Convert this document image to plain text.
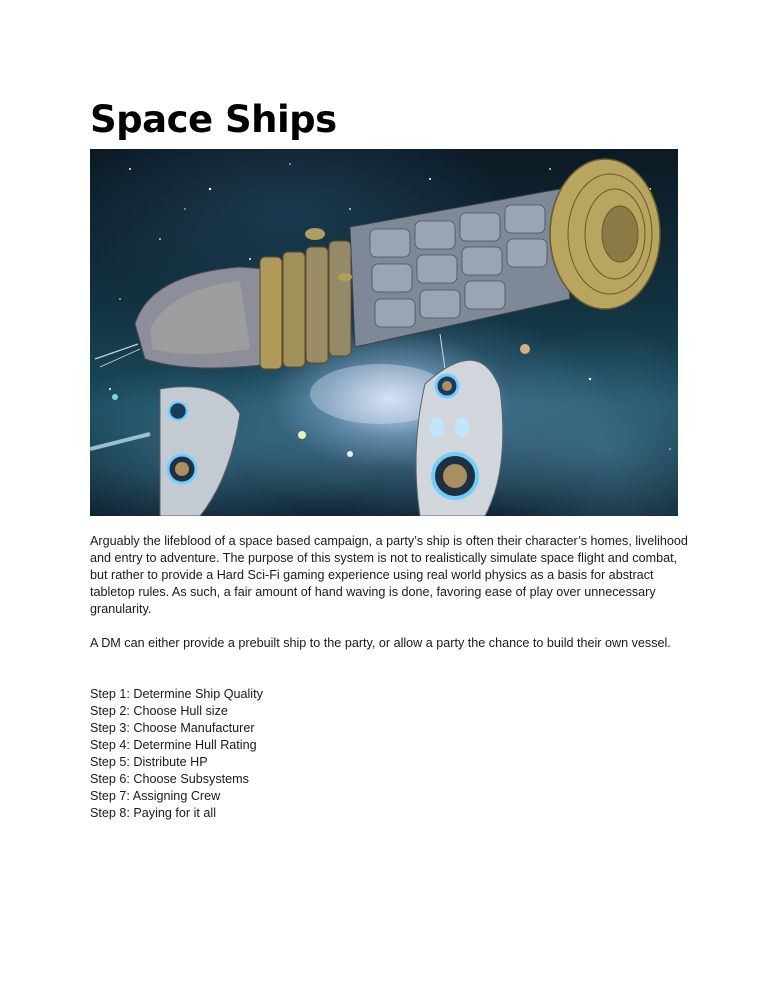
Space Ships

Arguably the lifeblood of a space based campaign, a party’s ship is often their character’s homes, livelihood and entry to adventure. The purpose of this system is not to realistically simulate space flight and combat, but rather to provide a Hard Sci-Fi gaming experience using real world physics as a basis for abstract tabletop rules. As such, a fair amount of hand waving is done, favoring ease of play over unnecessary granularity.

A DM can either provide a prebuilt ship to the party, or allow a party the chance to build their own vessel.

Step 1: Determine Ship Quality
Step 2: Choose Hull size
Step 3: Choose Manufacturer
Step 4: Determine Hull Rating
Step 5: Distribute HP
Step 6: Choose Subsystems
Step 7: Assigning Crew
Step 8: Paying for it all
